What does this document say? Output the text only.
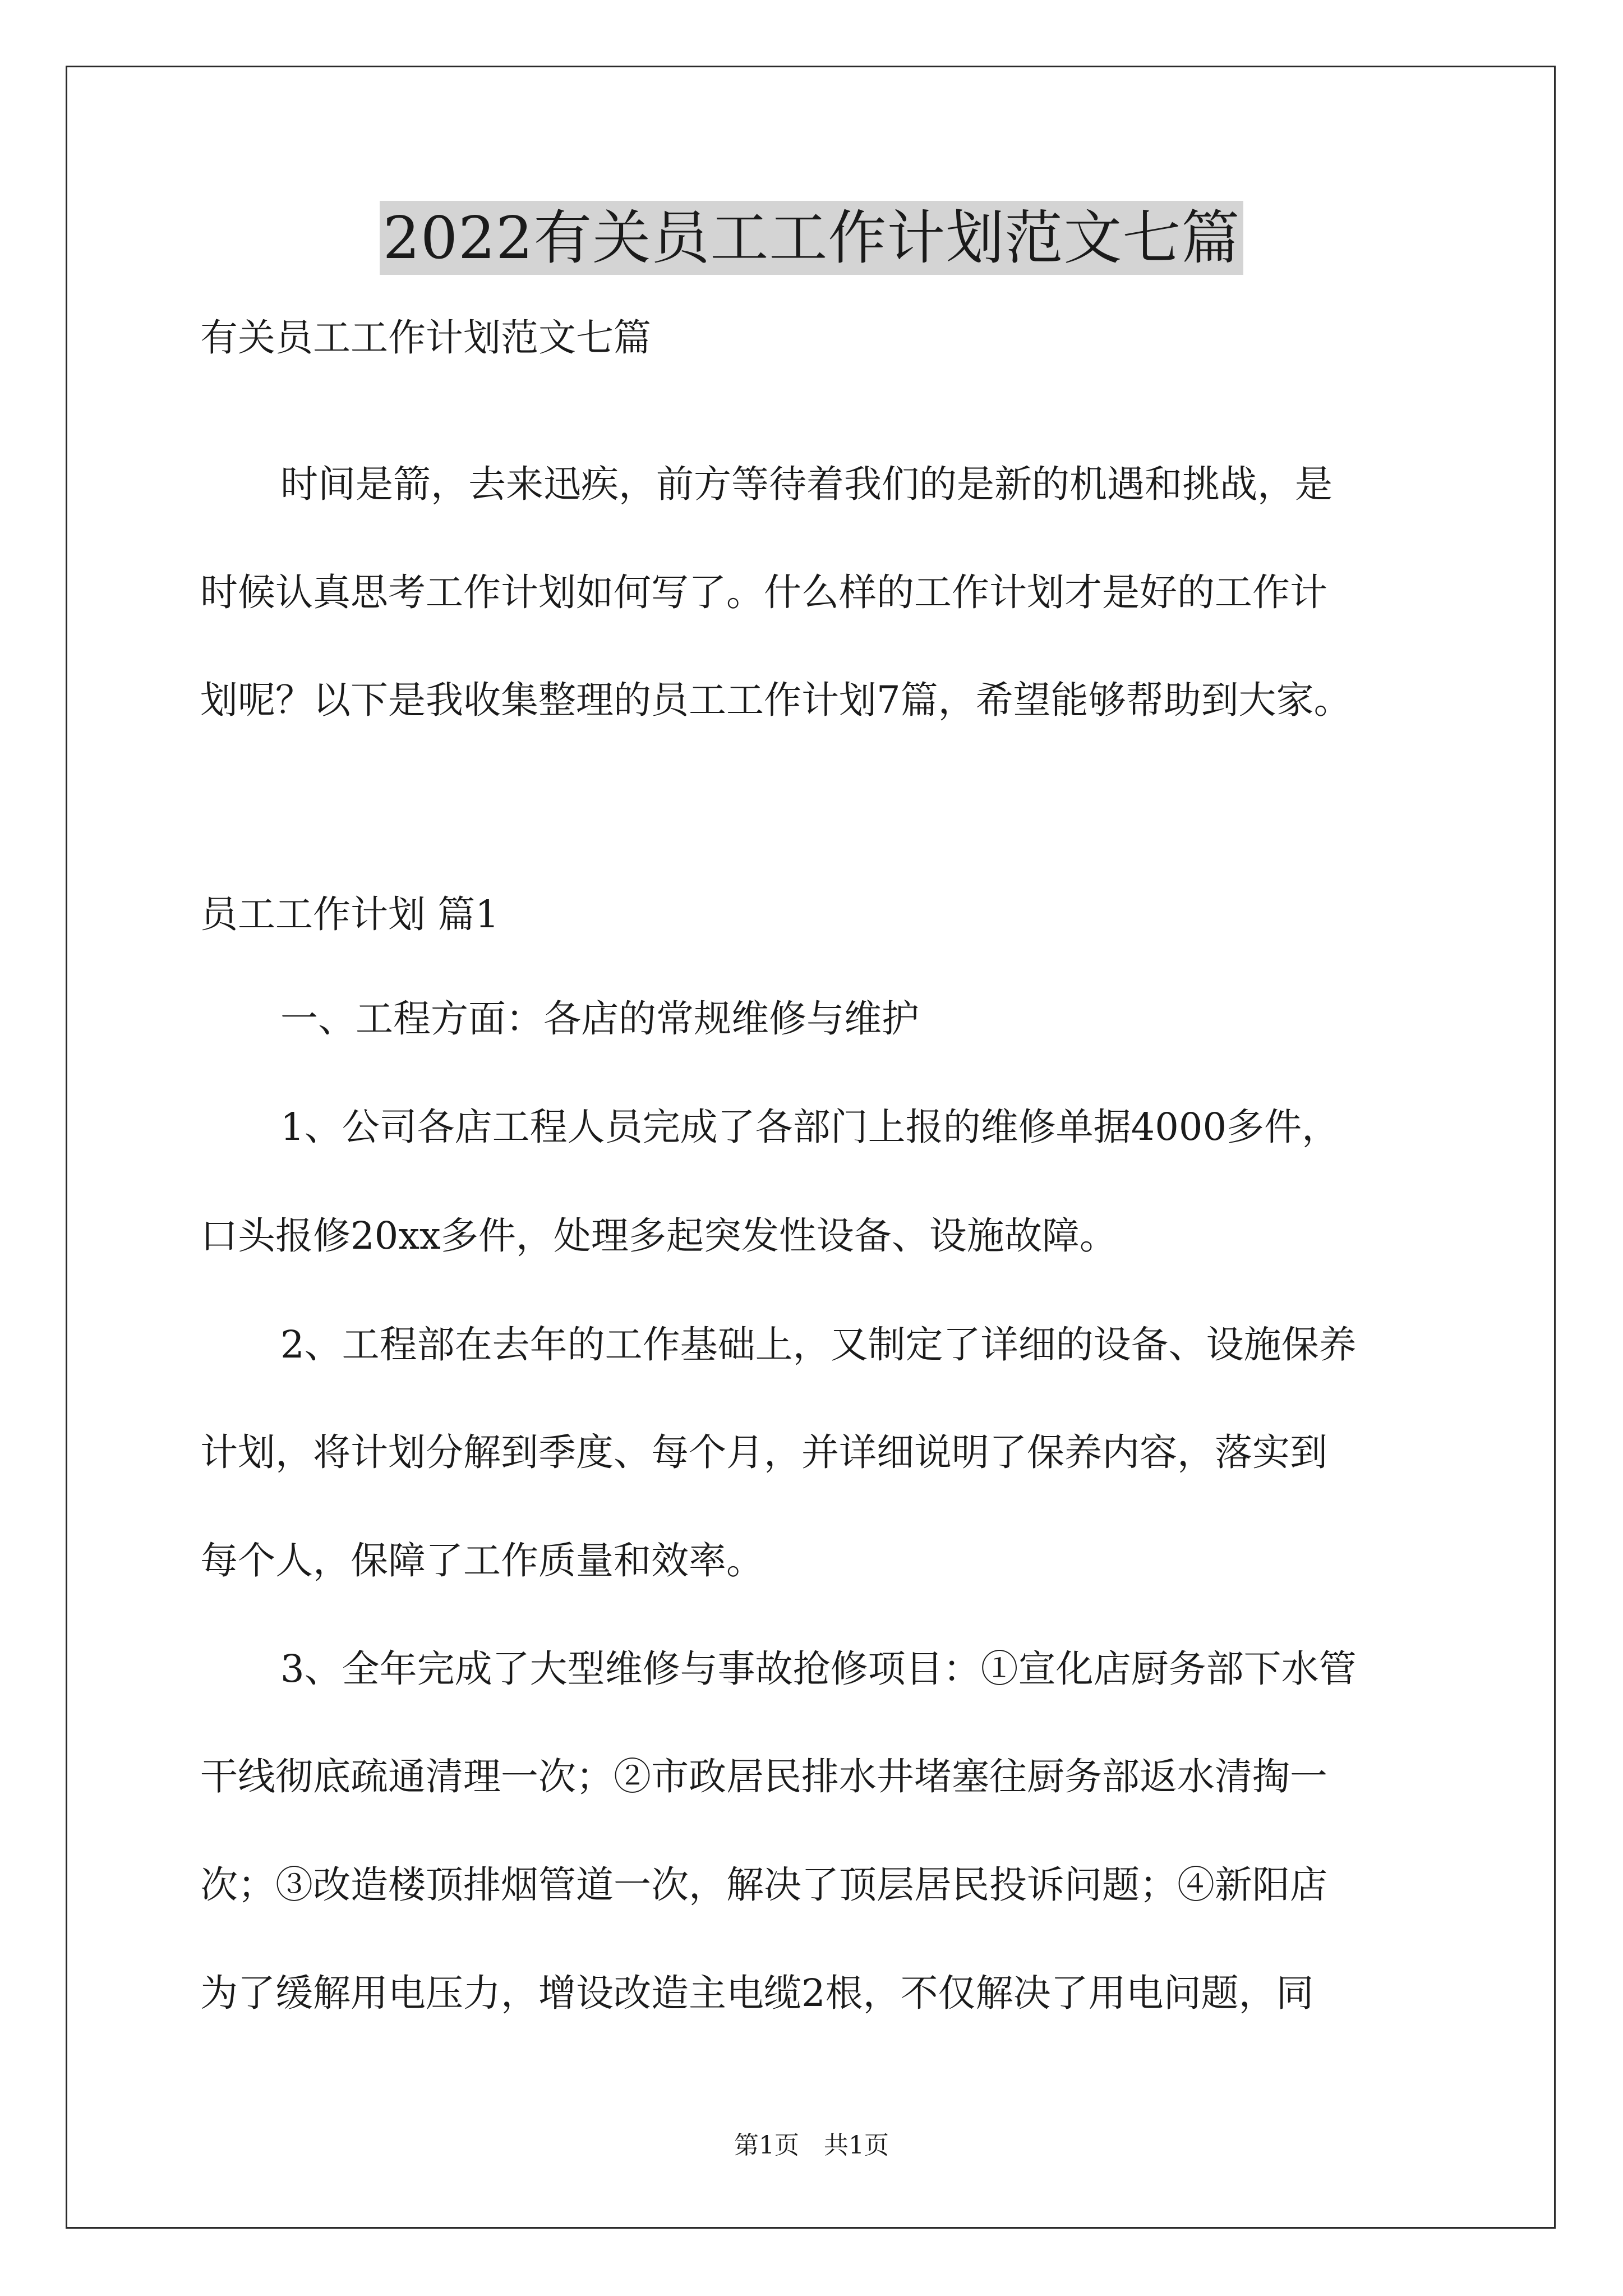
2022有关员工工作计划范文七篇
有关员工工作计划范文七篇
时间是箭，去来迅疾，前方等待着我们的是新的机遇和挑战，是
时候认真思考工作计划如何写了。什么样的工作计划才是好的工作计
划呢？以下是我收集整理的员工工作计划7篇，希望能够帮助到大家。
员工工作计划 篇1
一、工程方面：各店的常规维修与维护
1、公司各店工程人员完成了各部门上报的维修单据4000多件，
口头报修20xx多件，处理多起突发性设备、设施故障。
2、工程部在去年的工作基础上，又制定了详细的设备、设施保养
计划，将计划分解到季度、每个月，并详细说明了保养内容，落实到
每个人，保障了工作质量和效率。
3、全年完成了大型维修与事故抢修项目：①宣化店厨务部下水管
干线彻底疏通清理一次；②市政居民排水井堵塞往厨务部返水清掏一
次；③改造楼顶排烟管道一次，解决了顶层居民投诉问题；④新阳店
为了缓解用电压力，增设改造主电缆2根，不仅解决了用电问题，同
第1页　共1页
